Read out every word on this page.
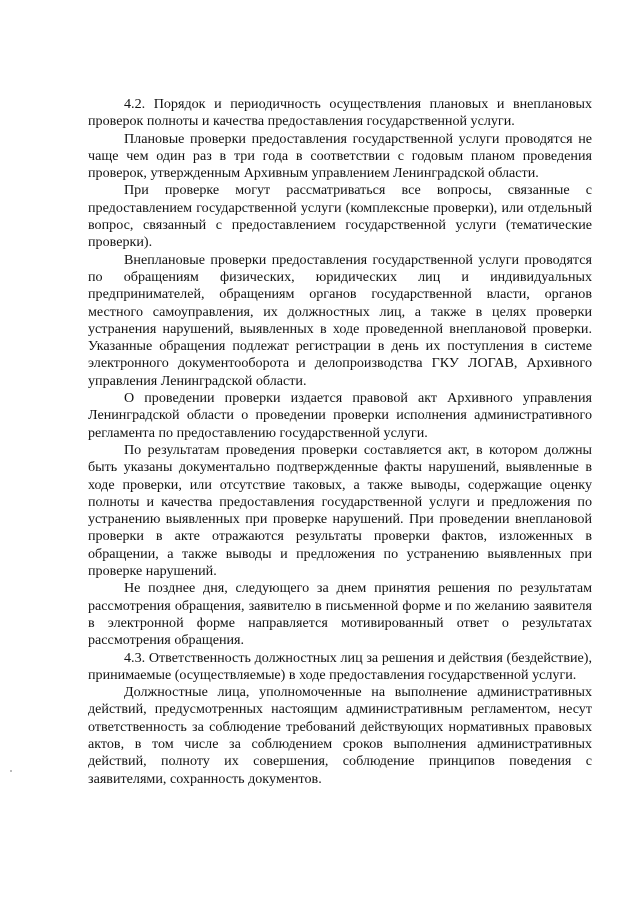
4.2. Порядок и периодичность осуществления плановых и внеплановых проверок полноты и качества предоставления государственной услуги.

Плановые проверки предоставления государственной услуги проводятся не чаще чем один раз в три года в соответствии с годовым планом проведения проверок, утвержденным Архивным управлением Ленинградской области.

При проверке могут рассматриваться все вопросы, связанные с предоставлением государственной услуги (комплексные проверки), или отдельный вопрос, связанный с предоставлением государственной услуги (тематические проверки).

Внеплановые проверки предоставления государственной услуги проводятся по обращениям физических, юридических лиц и индивидуальных предпринимателей, обращениям органов государственной власти, органов местного самоуправления, их должностных лиц, а также в целях проверки устранения нарушений, выявленных в ходе проведенной внеплановой проверки. Указанные обращения подлежат регистрации в день их поступления в системе электронного документооборота и делопроизводства ГКУ ЛОГАВ, Архивного управления Ленинградской области.

О проведении проверки издается правовой акт Архивного управления Ленинградской области о проведении проверки исполнения административного регламента по предоставлению государственной услуги.

По результатам проведения проверки составляется акт, в котором должны быть указаны документально подтвержденные факты нарушений, выявленные в ходе проверки, или отсутствие таковых, а также выводы, содержащие оценку полноты и качества предоставления государственной услуги и предложения по устранению выявленных при проверке нарушений. При проведении внеплановой проверки в акте отражаются результаты проверки фактов, изложенных в обращении, а также выводы и предложения по устранению выявленных при проверке нарушений.

Не позднее дня, следующего за днем принятия решения по результатам рассмотрения обращения, заявителю в письменной форме и по желанию заявителя в электронной форме направляется мотивированный ответ о результатах рассмотрения обращения.

4.3. Ответственность должностных лиц за решения и действия (бездействие), принимаемые (осуществляемые) в ходе предоставления государственной услуги.

Должностные лица, уполномоченные на выполнение административных действий, предусмотренных настоящим административным регламентом, несут ответственность за соблюдение требований действующих нормативных правовых актов, в том числе за соблюдением сроков выполнения административных действий, полноту их совершения, соблюдение принципов поведения с заявителями, сохранность документов.
